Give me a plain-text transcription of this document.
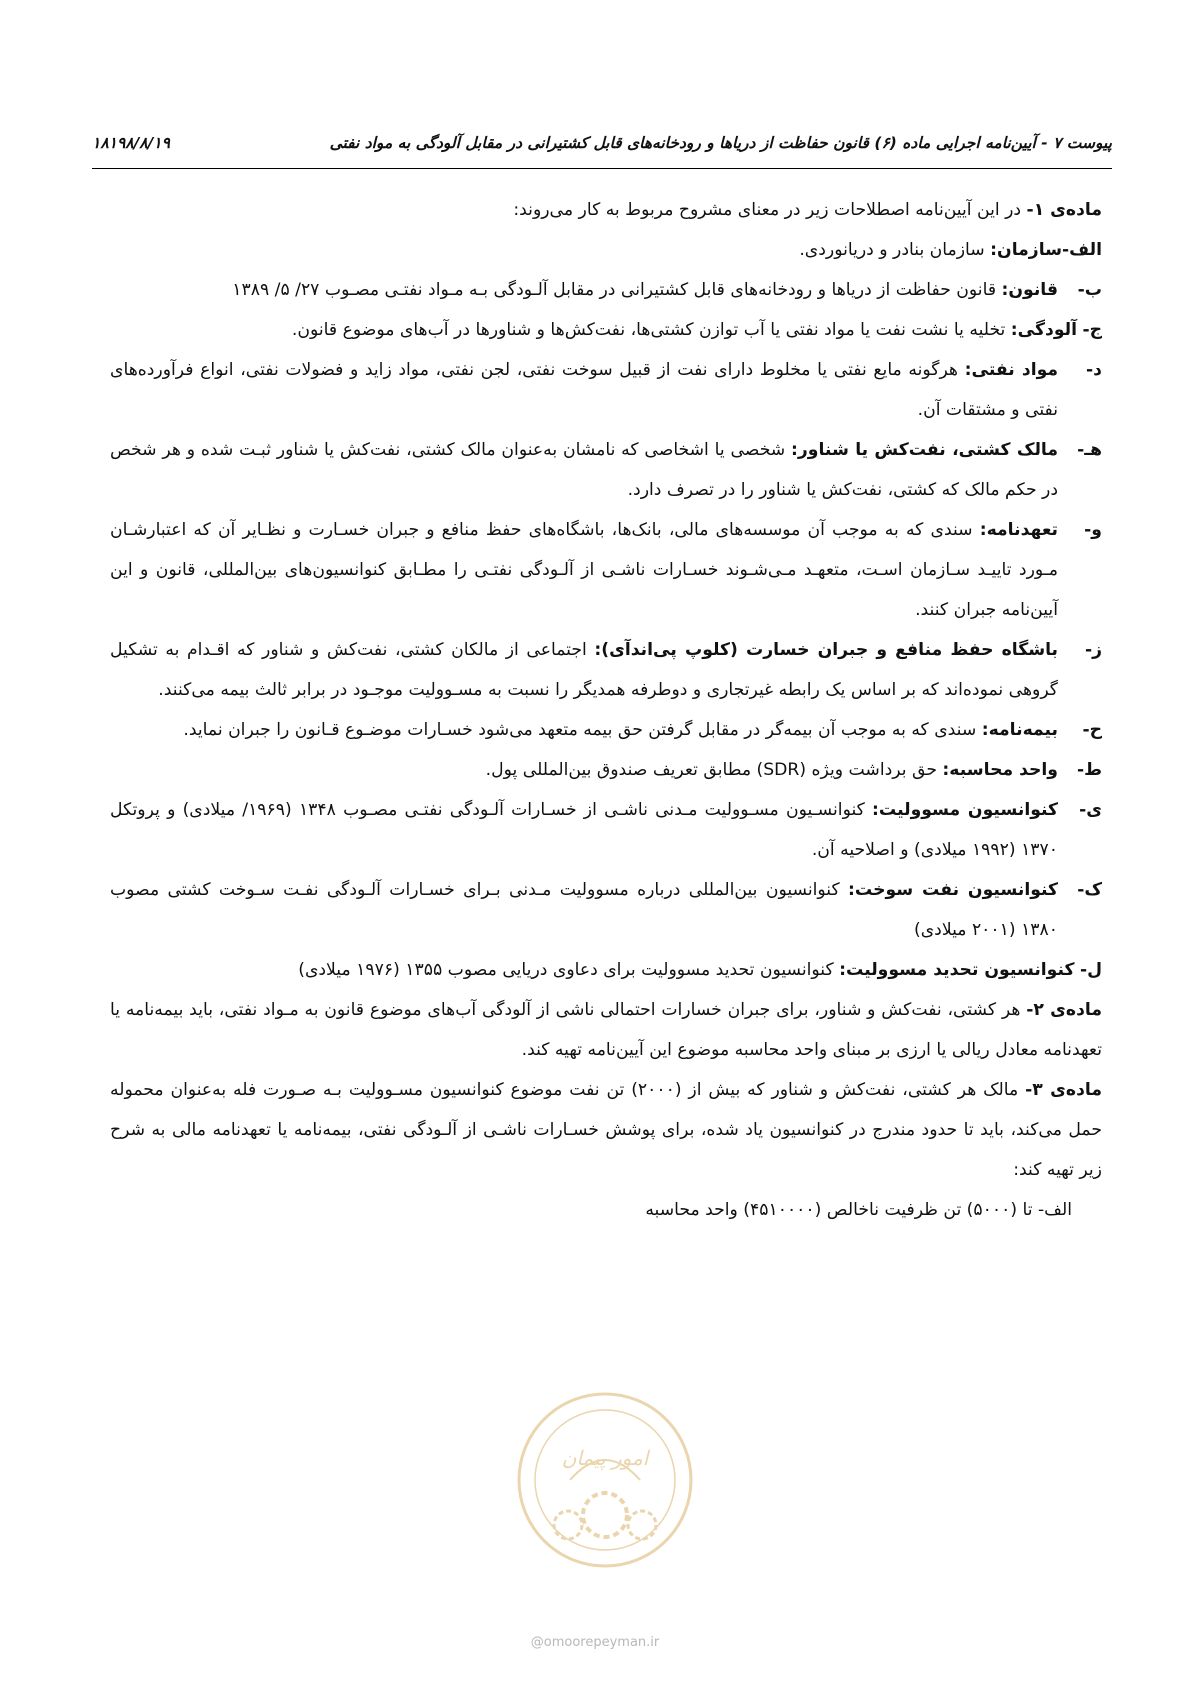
پیوست ۷ - آیین‌نامه اجرایی ماده (۶) قانون حفاظت از دریاها و رودخانه‌های قابل کشتیرانی در مقابل آلودگی به مواد نفتی
۱۸۱۹۸/۸/۱۹

ماده‌ی ۱- در این آیین‌نامه اصطلاحات زیر در معنای مشروح مربوط به کار می‌روند:

الف-سازمان: سازمان بنادر و دریانوردی.
ب-
قانون: قانون حفاظت از دریاها و رودخانه‌های قابل کشتیرانی در مقابل آلـودگی بـه مـواد نفتـی مصـوب ۲۷/ ۵/ ۱۳۸۹
ج- آلودگی: تخلیه یا نشت نفت یا مواد نفتی یا آب توازن کشتی‌ها، نفت‌کش‌ها و شناورها در آب‌های موضوع قانون.
د-
مواد نفتی: هرگونه مایع نفتی یا مخلوط دارای نفت از قبیل سوخت نفتی، لجن نفتی، مواد زاید و فضولات نفتی، انواع فرآورده‌های نفتی و مشتقات آن.
هـ-
مالک کشتی، نفت‌کش یا شناور: شخصی یا اشخاصی که نامشان به‌عنوان مالک کشتی، نفت‌کش یا شناور ثبـت شده و هر شخص در حکم مالک که کشتی، نفت‌کش یا شناور را در تصرف دارد.
و-
تعهدنامه: سندی که به موجب آن موسسه‌های مالی، بانک‌ها، باشگاه‌های حفظ منافع و جبران خسـارت و نظـایر آن که اعتبارشـان مـورد تاییـد سـازمان اسـت، متعهـد مـی‌شـوند خسـارات ناشـی از آلـودگی نفتـی را مطـابق کنوانسیون‌های بین‌المللی، قانون و این آیین‌نامه جبران کنند.
ز-
باشگاه حفظ منافع و جبران خسارت (کلوپ پی‌اندآی): اجتماعی از مالکان کشتی، نفت‌کش و شناور که اقـدام به تشکیل گروهی نموده‌اند که بر اساس یک رابطه غیرتجاری و دوطرفه همدیگر را نسبت به مسـوولیت موجـود در برابر ثالث بیمه می‌کنند.
ح-
بیمه‌نامه: سندی که به موجب آن بیمه‌گر در مقابل گرفتن حق بیمه متعهد می‌شود خسـارات موضـوع قـانون را جبران نماید.
ط-
واحد محاسبه: حق برداشت ویژه (SDR) مطابق تعریف صندوق بین‌المللی پول.
ی-
کنوانسیون مسوولیت: کنوانسـیون مسـوولیت مـدنی ناشـی از خسـارات آلـودگی نفتـی مصـوب ۱۳۴۸ (۱۹۶۹/ میلادی) و پروتکل ۱۳۷۰ (۱۹۹۲ میلادی) و اصلاحیه آن.
ک-
کنوانسیون نفت سوخت: کنوانسیون بین‌المللی درباره مسوولیت مـدنی بـرای خسـارات آلـودگی نفـت سـوخت کشتی مصوب ۱۳۸۰ (۲۰۰۱ میلادی)
ل- کنوانسیون تحدید مسوولیت: کنوانسیون تحدید مسوولیت برای دعاوی دریایی مصوب ۱۳۵۵ (۱۹۷۶ میلادی)

ماده‌ی ۲- هر کشتی، نفت‌کش و شناور، برای جبران خسارات احتمالی ناشی از آلودگی آب‌های موضوع قانون به مـواد نفتی، باید بیمه‌نامه یا تعهدنامه معادل ریالی یا ارزی بر مبنای واحد محاسبه موضوع این آیین‌نامه تهیه کند.

ماده‌ی ۳- مالک هر کشتی، نفت‌کش و شناور که بیش از (۲۰۰۰) تن نفت موضوع کنوانسیون مسـوولیت بـه صـورت فله به‌عنوان محموله حمل می‌کند، باید تا حدود مندرج در کنوانسیون یاد شده، برای پوشش خسـارات ناشـی از آلـودگی نفتی، بیمه‌نامه یا تعهدنامه مالی به شرح زیر تهیه کند:

الف- تا (۵۰۰۰) تن ظرفیت ناخالص (۴۵۱۰۰۰۰) واحد محاسبه
امور پیمان
@omoorepeyman.ir
